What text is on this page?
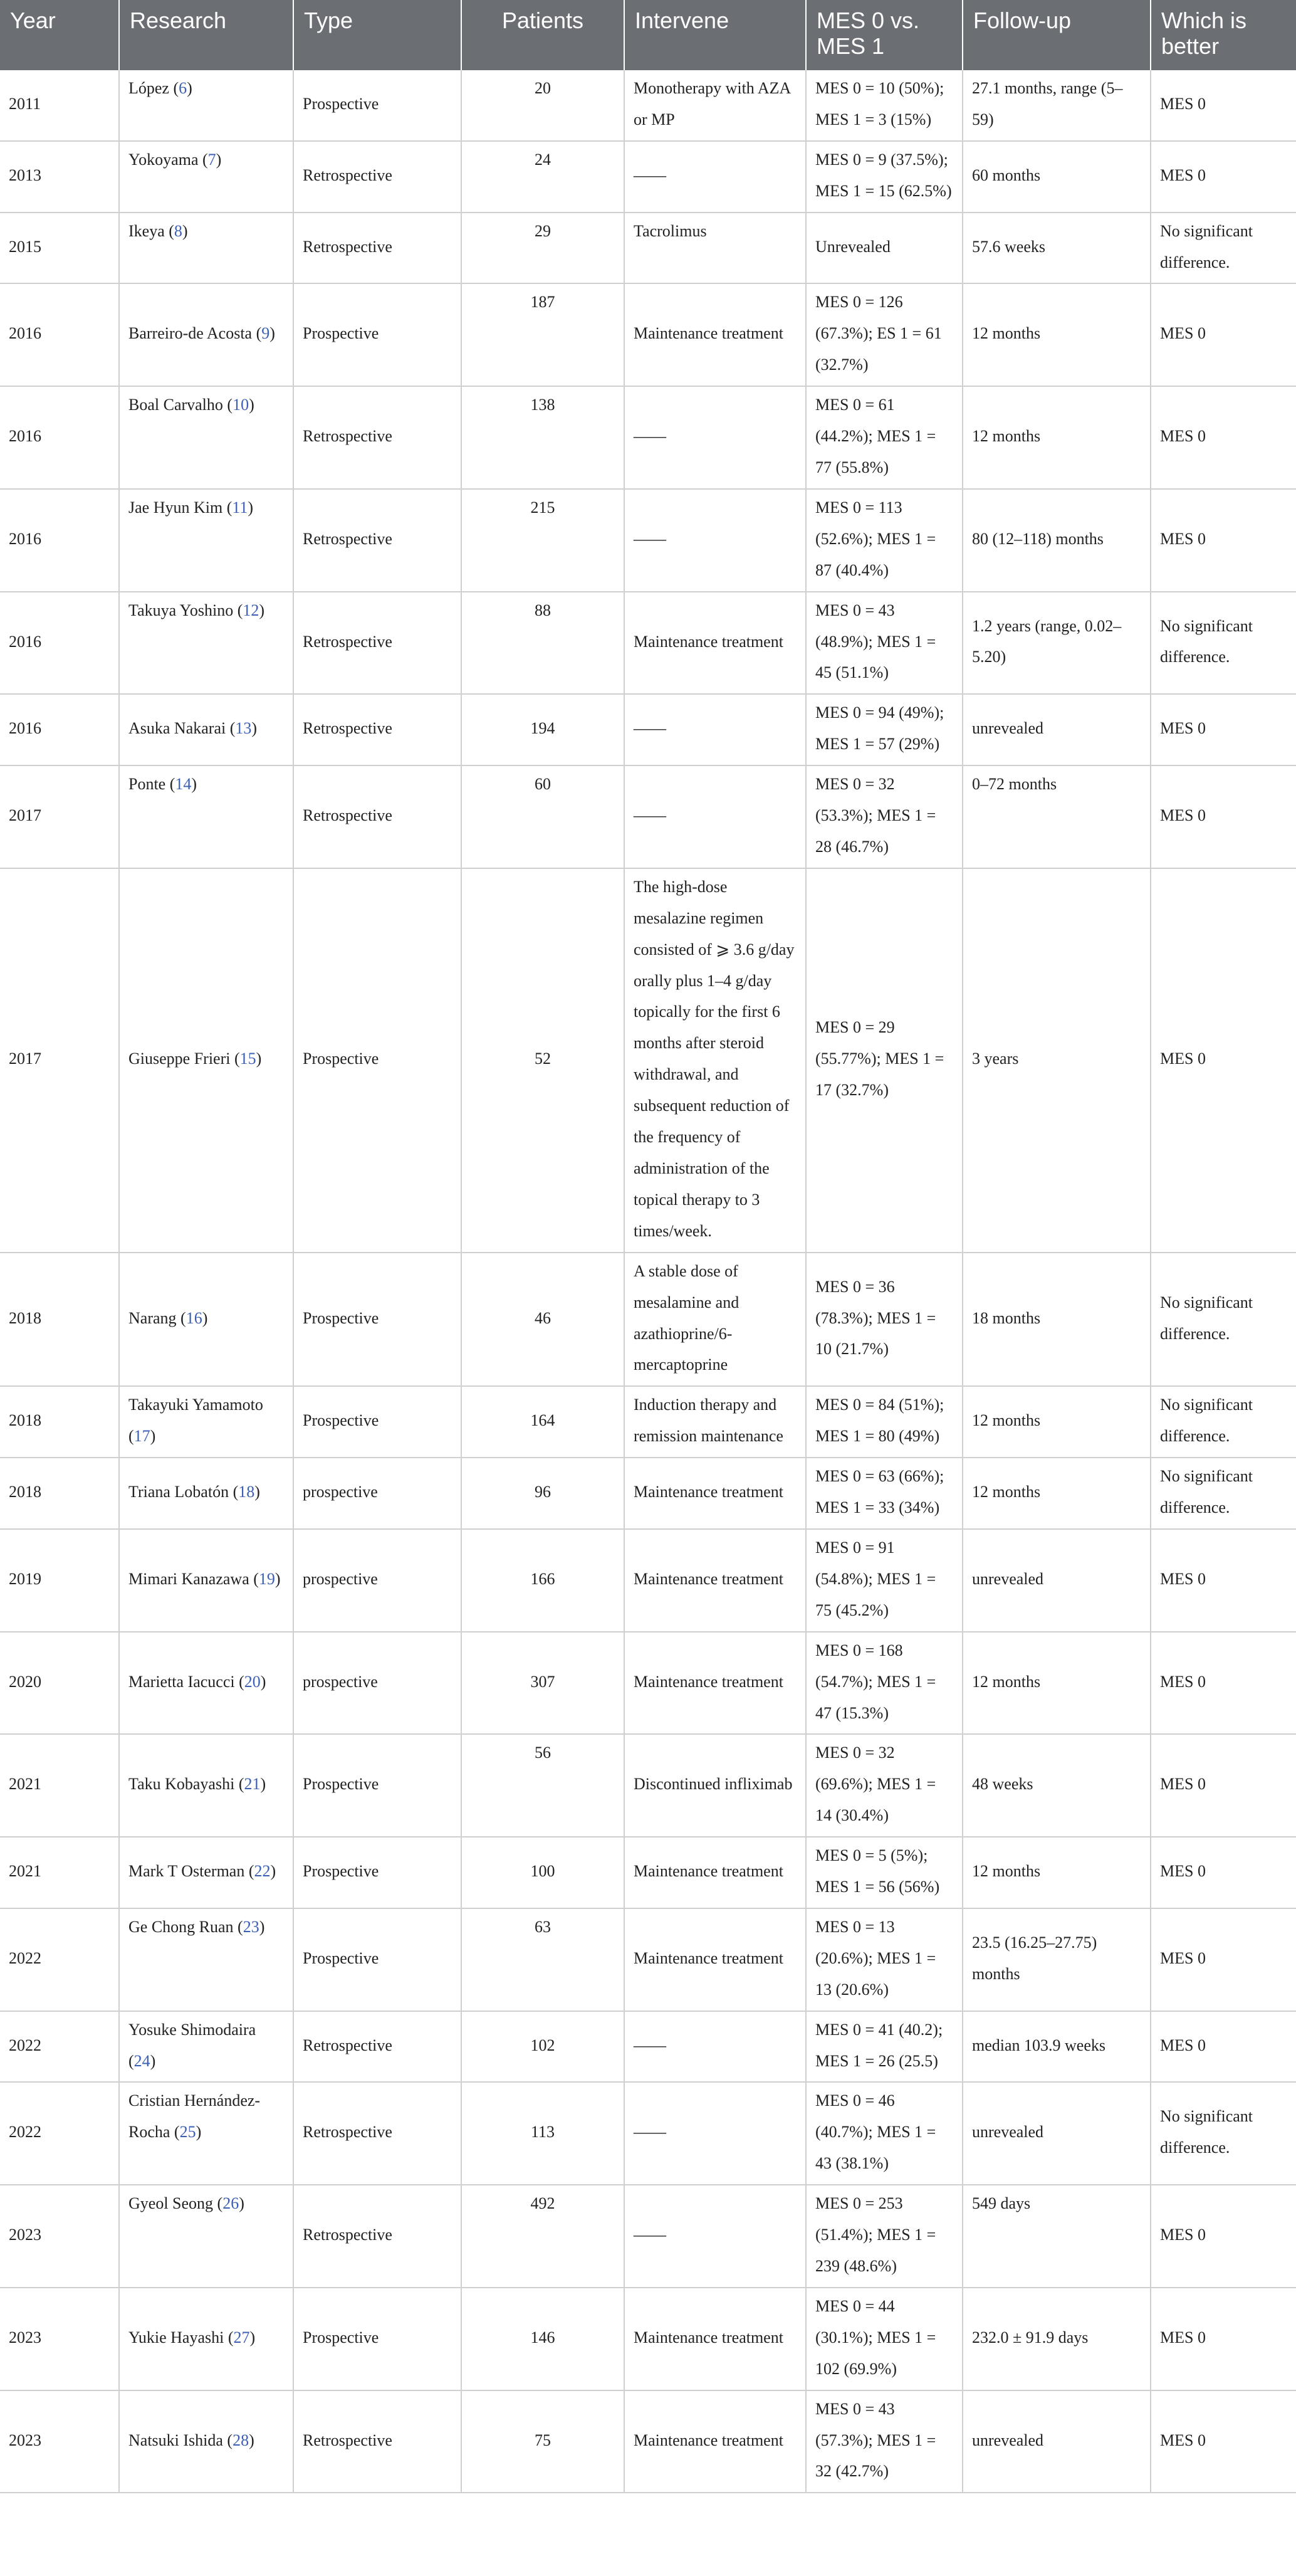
Year	Research	Type	Patients	Intervene	MES 0 vs. MES 1	Follow-up	Which is better
2011	López (6)	Prospective	20	Monotherapy with AZA or MP	MES 0 = 10 (50%); MES 1 = 3 (15%)	27.1 months, range (5–59)	MES 0
2013	Yokoyama (7)	Retrospective	24	——	MES 0 = 9 (37.5%); MES 1 = 15 (62.5%)	60 months	MES 0
2015	Ikeya (8)	Retrospective	29	Tacrolimus	Unrevealed	57.6 weeks	No significant difference.
2016	Barreiro-de Acosta (9)	Prospective	187	Maintenance treatment	MES 0 = 126 (67.3%); ES 1 = 61 (32.7%)	12 months	MES 0
2016	Boal Carvalho (10)	Retrospective	138	——	MES 0 = 61 (44.2%); MES 1 = 77 (55.8%)	12 months	MES 0
2016	Jae Hyun Kim (11)	Retrospective	215	——	MES 0 = 113 (52.6%); MES 1 = 87 (40.4%)	80 (12–118) months	MES 0
2016	Takuya Yoshino (12)	Retrospective	88	Maintenance treatment	MES 0 = 43 (48.9%); MES 1 = 45 (51.1%)	1.2 years (range, 0.02–5.20)	No significant difference.
2016	Asuka Nakarai (13)	Retrospective	194	——	MES 0 = 94 (49%); MES 1 = 57 (29%)	unrevealed	MES 0
2017	Ponte (14)	Retrospective	60	——	MES 0 = 32 (53.3%); MES 1 = 28 (46.7%)	0–72 months	MES 0
2017	Giuseppe Frieri (15)	Prospective	52	The high-dose mesalazine regimen consisted of ⩾ 3.6 g/day orally plus 1–4 g/day topically for the first 6 months after steroid withdrawal, and subsequent reduction of the frequency of administration of the topical therapy to 3 times/week.	MES 0 = 29 (55.77%); MES 1 = 17 (32.7%)	3 years	MES 0
2018	Narang (16)	Prospective	46	A stable dose of mesalamine and azathioprine/6-mercaptoprine	MES 0 = 36 (78.3%); MES 1 = 10 (21.7%)	18 months	No significant difference.
2018	Takayuki Yamamoto (17)	Prospective	164	Induction therapy and remission maintenance	MES 0 = 84 (51%); MES 1 = 80 (49%)	12 months	No significant difference.
2018	Triana Lobatón (18)	prospective	96	Maintenance treatment	MES 0 = 63 (66%); MES 1 = 33 (34%)	12 months	No significant difference.
2019	Mimari Kanazawa (19)	prospective	166	Maintenance treatment	MES 0 = 91 (54.8%); MES 1 = 75 (45.2%)	unrevealed	MES 0
2020	Marietta Iacucci (20)	prospective	307	Maintenance treatment	MES 0 = 168 (54.7%); MES 1 = 47 (15.3%)	12 months	MES 0
2021	Taku Kobayashi (21)	Prospective	56	Discontinued infliximab	MES 0 = 32 (69.6%); MES 1 = 14 (30.4%)	48 weeks	MES 0
2021	Mark T Osterman (22)	Prospective	100	Maintenance treatment	MES 0 = 5 (5%); MES 1 = 56 (56%)	12 months	MES 0
2022	Ge Chong Ruan (23)	Prospective	63	Maintenance treatment	MES 0 = 13 (20.6%); MES 1 = 13 (20.6%)	23.5 (16.25–27.75) months	MES 0
2022	Yosuke Shimodaira (24)	Retrospective	102	——	MES 0 = 41 (40.2); MES 1 = 26 (25.5)	median 103.9 weeks	MES 0
2022	Cristian Hernández-Rocha (25)	Retrospective	113	——	MES 0 = 46 (40.7%); MES 1 = 43 (38.1%)	unrevealed	No significant difference.
2023	Gyeol Seong (26)	Retrospective	492	——	MES 0 = 253 (51.4%); MES 1 = 239 (48.6%)	549 days	MES 0
2023	Yukie Hayashi (27)	Prospective	146	Maintenance treatment	MES 0 = 44 (30.1%); MES 1 = 102 (69.9%)	232.0 ± 91.9 days	MES 0
2023	Natsuki Ishida (28)	Retrospective	75	Maintenance treatment	MES 0 = 43 (57.3%); MES 1 = 32 (42.7%)	unrevealed	MES 0
